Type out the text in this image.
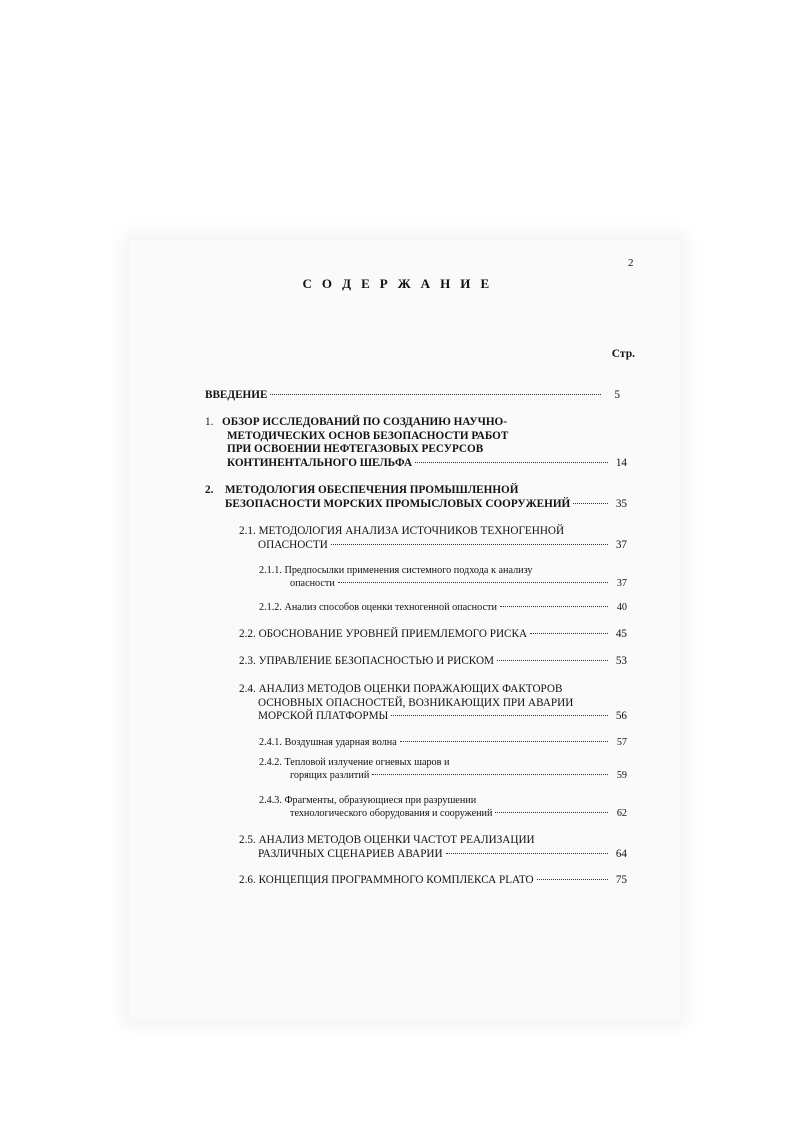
2
С О Д Е Р Ж А Н И Е
Стр.
ВВЕДЕНИЕ	5
1. ОБЗОР ИССЛЕДОВАНИЙ ПО СОЗДАНИЮ НАУЧНО-
МЕТОДИЧЕСКИХ ОСНОВ БЕЗОПАСНОСТИ РАБОТ
ПРИ ОСВОЕНИИ НЕФТЕГАЗОВЫХ РЕСУРСОВ
КОНТИНЕНТАЛЬНОГО ШЕЛЬФА	14
2. МЕТОДОЛОГИЯ ОБЕСПЕЧЕНИЯ ПРОМЫШЛЕННОЙ
БЕЗОПАСНОСТИ МОРСКИХ ПРОМЫСЛОВЫХ СООРУЖЕНИЙ	35
2.1. МЕТОДОЛОГИЯ АНАЛИЗА ИСТОЧНИКОВ ТЕХНОГЕННОЙ
ОПАСНОСТИ	37
2.1.1. Предпосылки применения системного подхода к анализу
опасности	37
2.1.2. Анализ способов оценки техногенной опасности	40
2.2. ОБОСНОВАНИЕ УРОВНЕЙ ПРИЕМЛЕМОГО РИСКА	45
2.3. УПРАВЛЕНИЕ БЕЗОПАСНОСТЬЮ И РИСКОМ	53
2.4. АНАЛИЗ МЕТОДОВ ОЦЕНКИ ПОРАЖАЮЩИХ ФАКТОРОВ
ОСНОВНЫХ ОПАСНОСТЕЙ, ВОЗНИКАЮЩИХ ПРИ АВАРИИ
МОРСКОЙ ПЛАТФОРМЫ	56
2.4.1. Воздушная ударная волна	57
2.4.2. Тепловой излучение огневых шаров и
горящих разлитий	59
2.4.3. Фрагменты, образующиеся при разрушении
технологического оборудования и сооружений	62
2.5. АНАЛИЗ МЕТОДОВ ОЦЕНКИ ЧАСТОТ РЕАЛИЗАЦИИ
РАЗЛИЧНЫХ СЦЕНАРИЕВ АВАРИИ	64
2.6. КОНЦЕПЦИЯ ПРОГРАММНОГО КОМПЛЕКСА PLATO	75
